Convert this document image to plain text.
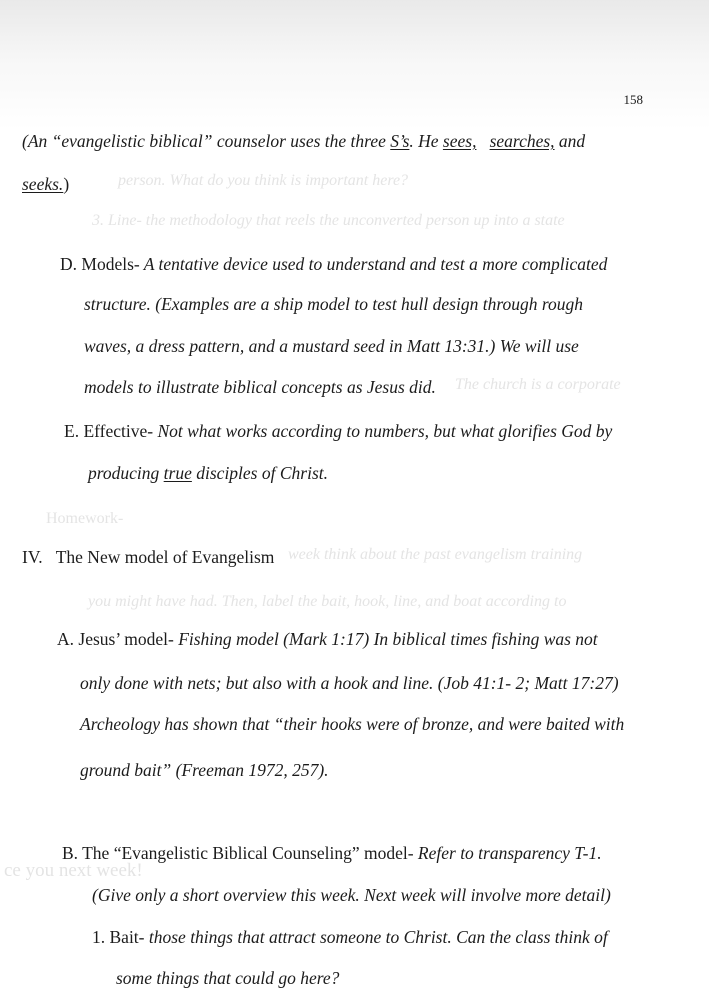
person. What do you think is important here?
3. Line- the methodology that reels the unconverted person up into a state
The church is a corporate
Homework-
week think about the past evangelism training
you might have had. Then, label the bait, hook, line, and boat according to
ce you next week!
158
(An “evangelistic biblical” counselor uses the three S’s. He sees, searches, and
seeks.)
D. Models- A tentative device used to understand and test a more complicated
structure. (Examples are a ship model to test hull design through rough
waves, a dress pattern, and a mustard seed in Matt 13:31.) We will use
models to illustrate biblical concepts as Jesus did.
E. Effective- Not what works according to numbers, but what glorifies God by
producing true disciples of Christ.
IV. The New model of Evangelism
A. Jesus’ model- Fishing model (Mark 1:17) In biblical times fishing was not
only done with nets; but also with a hook and line. (Job 41:1- 2; Matt 17:27)
Archeology has shown that “their hooks were of bronze, and were baited with
ground bait” (Freeman 1972, 257).
B. The “Evangelistic Biblical Counseling” model- Refer to transparency T-1.
(Give only a short overview this week. Next week will involve more detail)
1. Bait- those things that attract someone to Christ. Can the class think of
some things that could go here?
